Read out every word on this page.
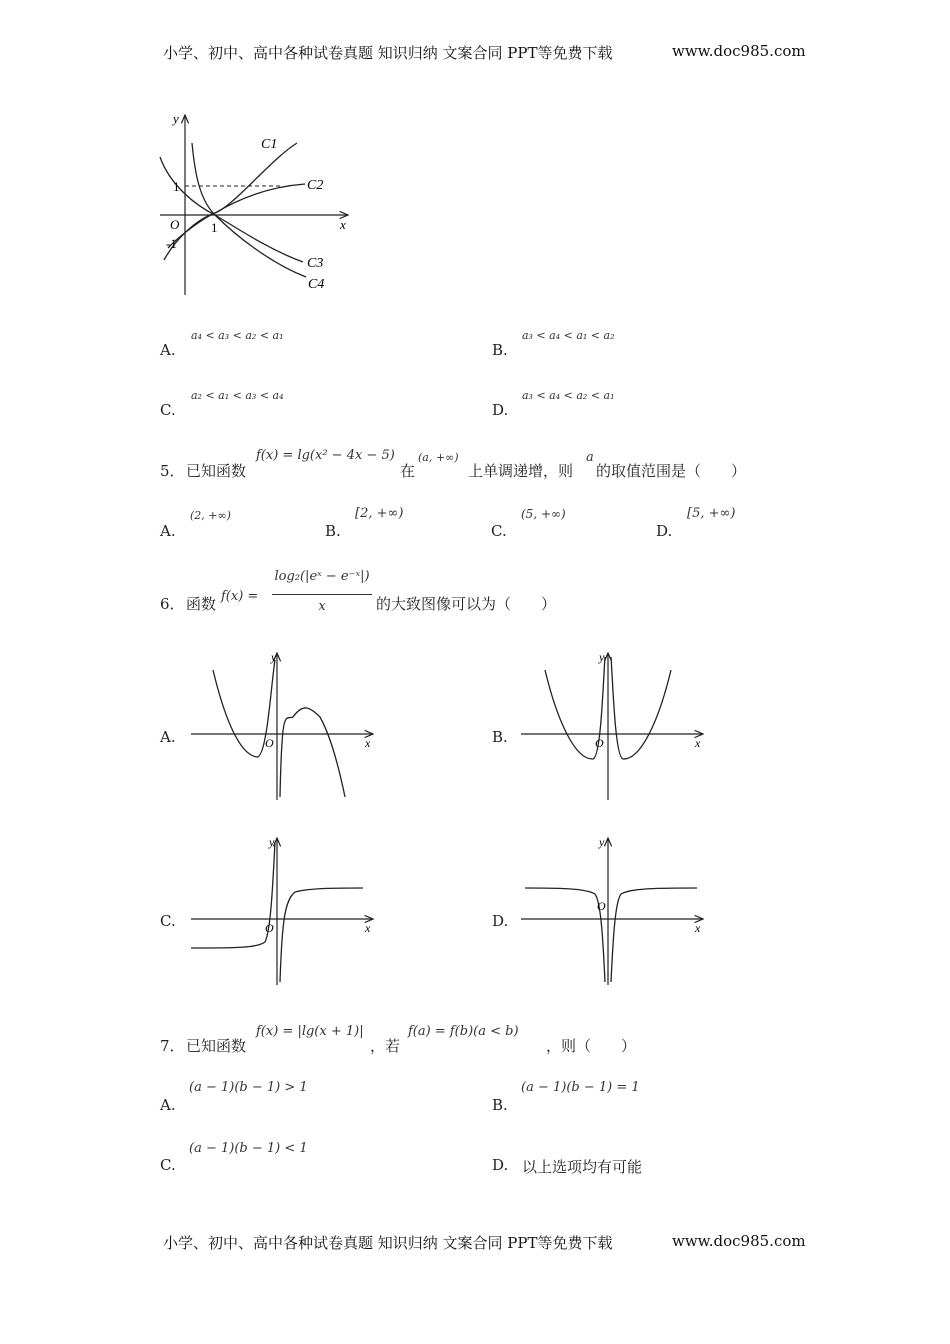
小学、初中、高中各种试卷真题 知识归纳 文案合同 PPT等免费下载	www.doc985.com
y
x
O
1
-1
1
C1
C2
C3
C4
A.
a₄ < a₃ < a₂ < a₁
B.
a₃ < a₄ < a₁ < a₂
C.
a₂ < a₁ < a₃ < a₄
D.
a₃ < a₄ < a₂ < a₁
5． 已知函数
f(x) = lg(x² − 4x − 5)
在
(a, +∞)
上单调递增，则
a
的取值范围是（　　）
A.
(2, +∞)
B.
[2, +∞)
C.
(5, +∞)
D.
[5, +∞)
6． 函数 f(x) =
log₂(|eˣ − e⁻ˣ|)
x	的大致图像可以为（　　）
A.
y
x
O	B.
y
x
O
C.
y
x
O	D.
y
x
O
7． 已知函数
f(x) = |lg(x + 1)|
，若
f(a) = f(b)(a < b)
，则（　　）
A.
(a − 1)(b − 1) > 1
B.
(a − 1)(b − 1) = 1
C.
(a − 1)(b − 1) < 1
D. 以上选项均有可能
小学、初中、高中各种试卷真题 知识归纳 文案合同 PPT等免费下载	www.doc985.com
